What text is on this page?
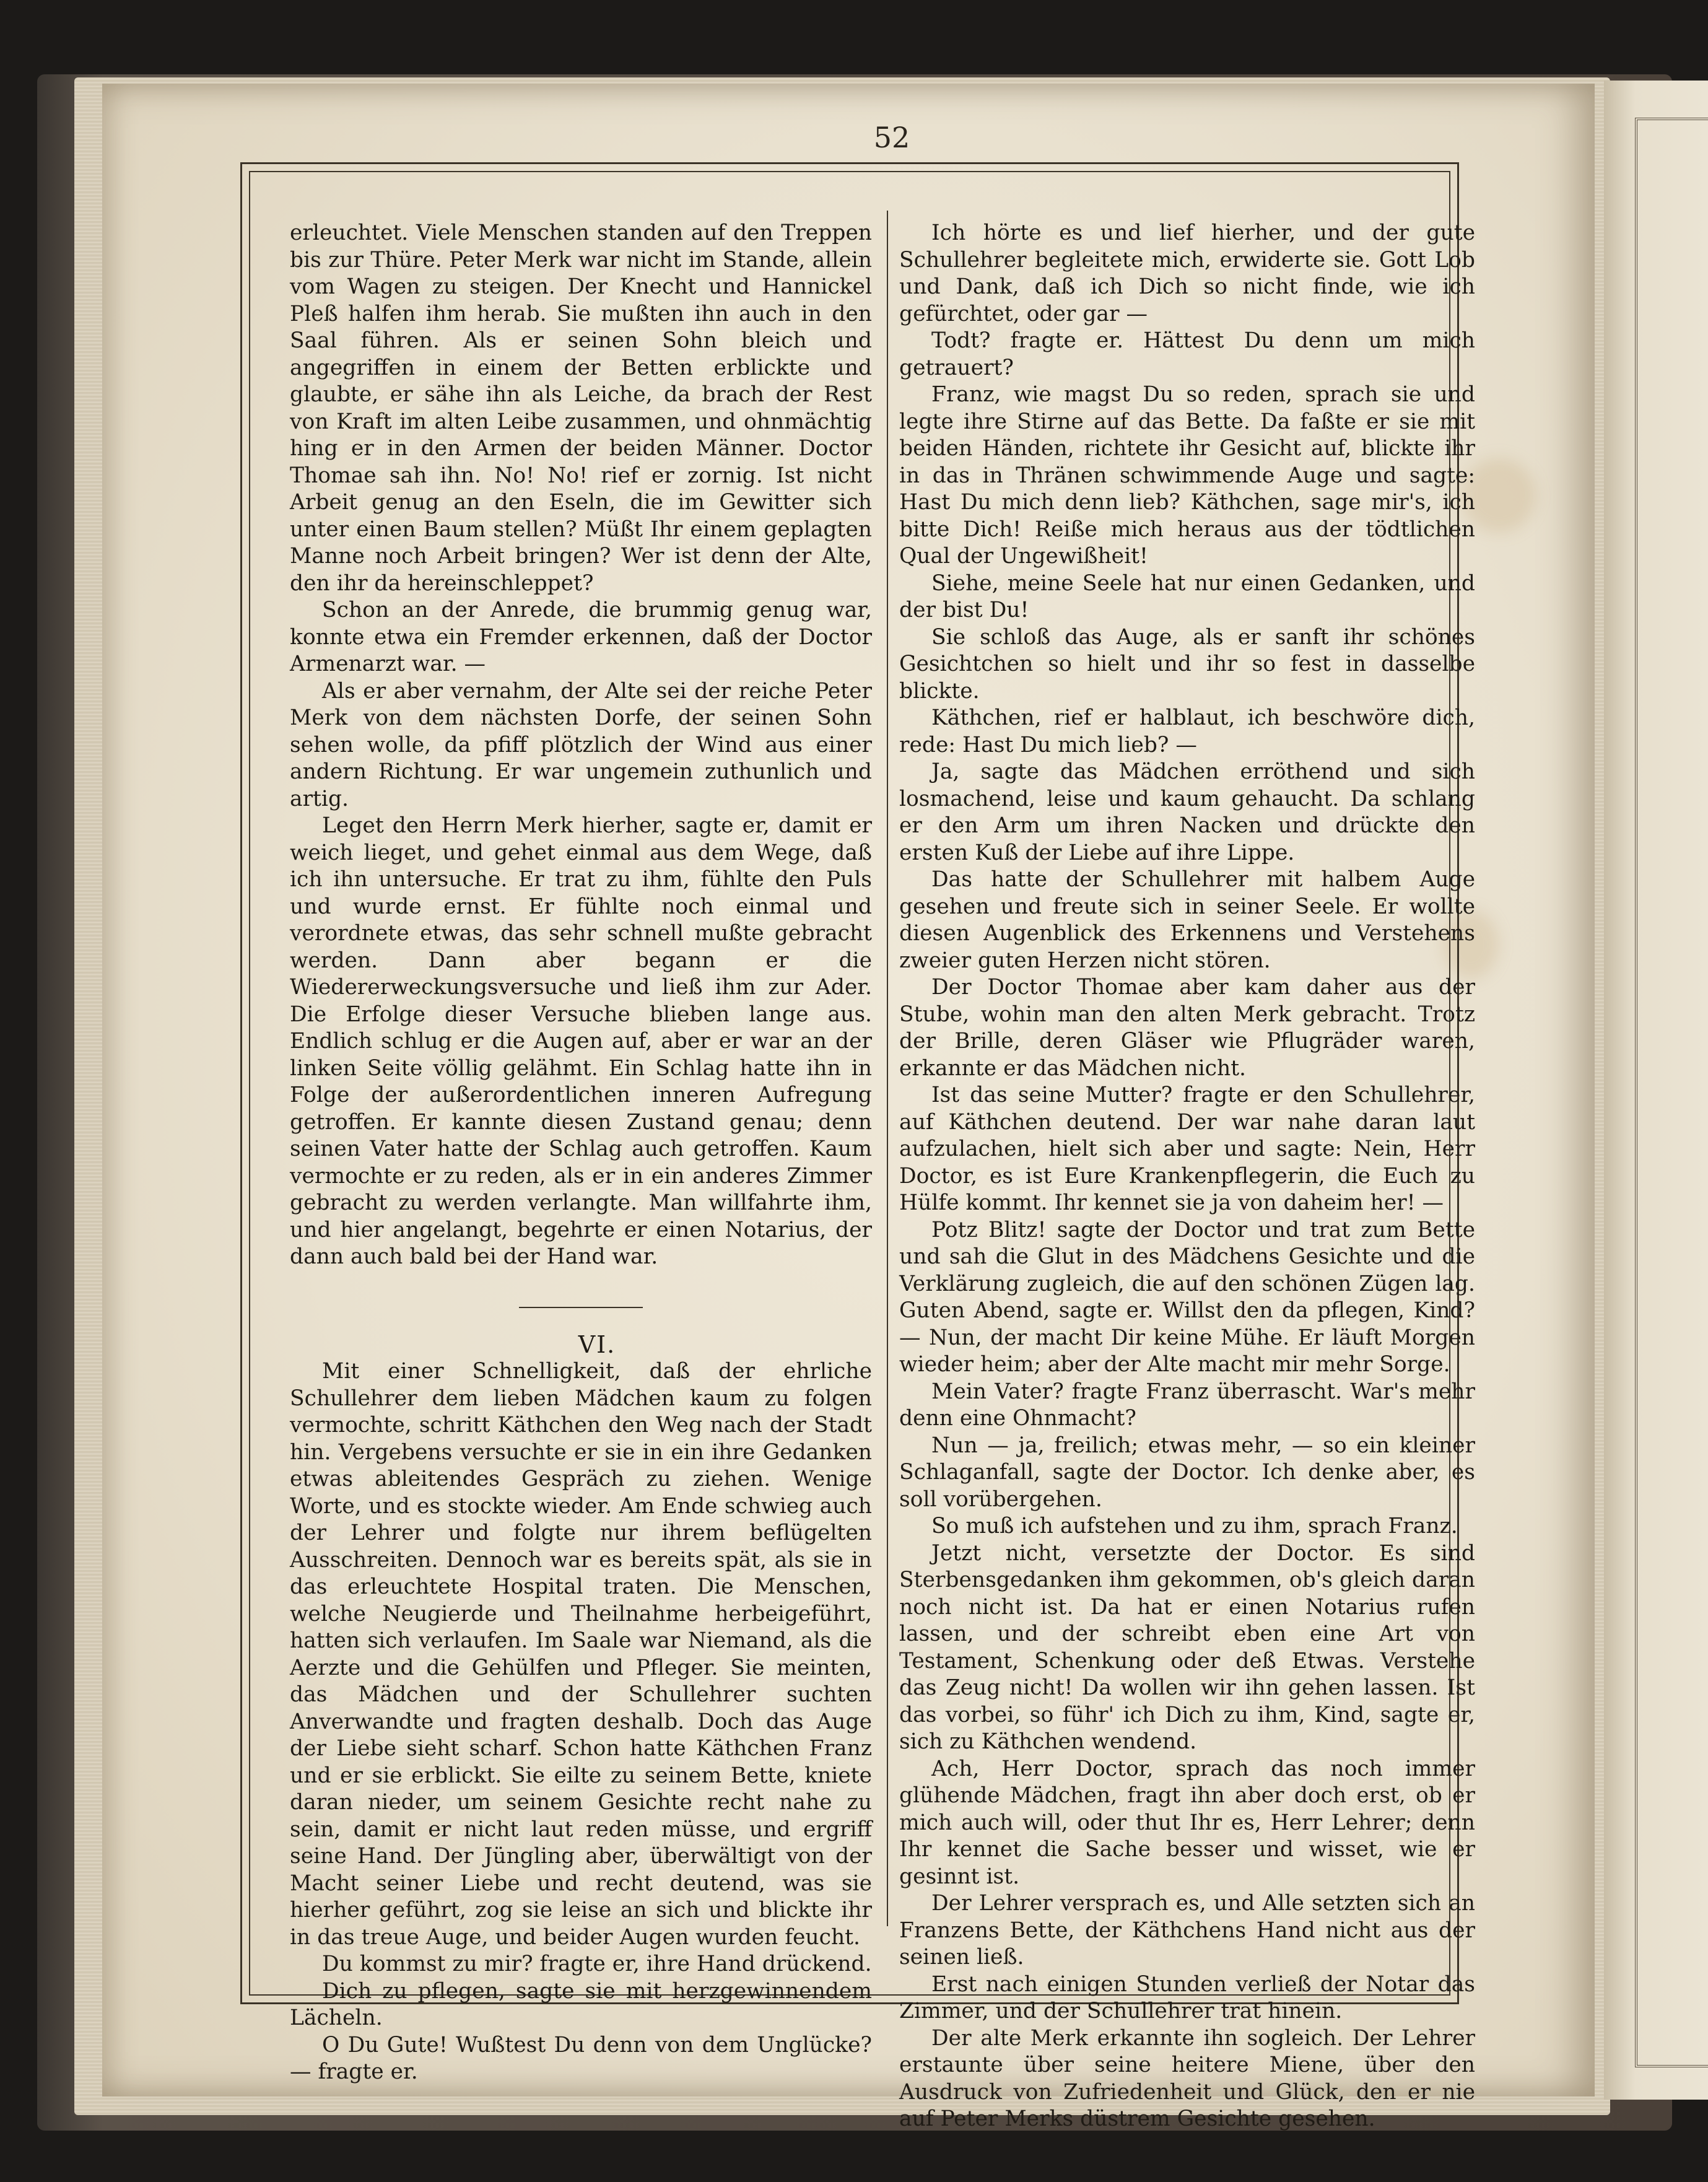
52

erleuchtet. Viele Menschen standen auf den Treppen bis zur Thüre. Peter Merk war nicht im Stande, allein vom Wagen zu steigen. Der Knecht und Hannickel Pleß halfen ihm herab. Sie mußten ihn auch in den Saal führen. Als er seinen Sohn bleich und angegriffen in einem der Betten erblickte und glaubte, er sähe ihn als Leiche, da brach der Rest von Kraft im alten Leibe zusammen, und ohnmächtig hing er in den Armen der beiden Männer. Doctor Thomae sah ihn. No! No! rief er zornig. Ist nicht Arbeit genug an den Eseln, die im Gewitter sich unter einen Baum stellen? Müßt Ihr einem geplagten Manne noch Arbeit bringen? Wer ist denn der Alte, den ihr da hereinschleppet?

Schon an der Anrede, die brummig genug war, konnte etwa ein Fremder erkennen, daß der Doctor Armenarzt war. —

Als er aber vernahm, der Alte sei der reiche Peter Merk von dem nächsten Dorfe, der seinen Sohn sehen wolle, da pfiff plötzlich der Wind aus einer andern Richtung. Er war ungemein zuthunlich und artig.

Leget den Herrn Merk hierher, sagte er, damit er weich lieget, und gehet einmal aus dem Wege, daß ich ihn untersuche. Er trat zu ihm, fühlte den Puls und wurde ernst. Er fühlte noch einmal und verordnete etwas, das sehr schnell mußte gebracht werden. Dann aber begann er die Wiedererweckungsversuche und ließ ihm zur Ader. Die Erfolge dieser Versuche blieben lange aus. Endlich schlug er die Augen auf, aber er war an der linken Seite völlig gelähmt. Ein Schlag hatte ihn in Folge der außerordentlichen inneren Aufregung getroffen. Er kannte diesen Zustand genau; denn seinen Vater hatte der Schlag auch getroffen. Kaum vermochte er zu reden, als er in ein anderes Zimmer gebracht zu werden verlangte. Man willfahrte ihm, und hier angelangt, begehrte er einen Notarius, der dann auch bald bei der Hand war.

VI.

Mit einer Schnelligkeit, daß der ehrliche Schullehrer dem lieben Mädchen kaum zu folgen vermochte, schritt Käthchen den Weg nach der Stadt hin. Vergebens versuchte er sie in ein ihre Gedanken etwas ableitendes Gespräch zu ziehen. Wenige Worte, und es stockte wieder. Am Ende schwieg auch der Lehrer und folgte nur ihrem beflügelten Ausschreiten. Dennoch war es bereits spät, als sie in das erleuchtete Hospital traten. Die Menschen, welche Neugierde und Theilnahme herbeigeführt, hatten sich verlaufen. Im Saale war Niemand, als die Aerzte und die Gehülfen und Pfleger. Sie meinten, das Mädchen und der Schullehrer suchten Anverwandte und fragten deshalb. Doch das Auge der Liebe sieht scharf. Schon hatte Käthchen Franz und er sie erblickt. Sie eilte zu seinem Bette, kniete daran nieder, um seinem Gesichte recht nahe zu sein, damit er nicht laut reden müsse, und ergriff seine Hand. Der Jüngling aber, überwältigt von der Macht seiner Liebe und recht deutend, was sie hierher geführt, zog sie leise an sich und blickte ihr in das treue Auge, und beider Augen wurden feucht.

Du kommst zu mir? fragte er, ihre Hand drückend.

Dich zu pflegen, sagte sie mit herzgewinnendem Lächeln.

O Du Gute! Wußtest Du denn von dem Unglücke? — fragte er.

Ich hörte es und lief hierher, und der gute Schullehrer begleitete mich, erwiderte sie. Gott Lob und Dank, daß ich Dich so nicht finde, wie ich gefürchtet, oder gar —

Todt? fragte er. Hättest Du denn um mich getrauert?

Franz, wie magst Du so reden, sprach sie und legte ihre Stirne auf das Bette. Da faßte er sie mit beiden Händen, richtete ihr Gesicht auf, blickte ihr in das in Thränen schwimmende Auge und sagte: Hast Du mich denn lieb? Käthchen, sage mir's, ich bitte Dich! Reiße mich heraus aus der tödtlichen Qual der Ungewißheit!

Siehe, meine Seele hat nur einen Gedanken, und der bist Du!

Sie schloß das Auge, als er sanft ihr schönes Gesichtchen so hielt und ihr so fest in dasselbe blickte.

Käthchen, rief er halblaut, ich beschwöre dich, rede: Hast Du mich lieb? —

Ja, sagte das Mädchen erröthend und sich losmachend, leise und kaum gehaucht. Da schlang er den Arm um ihren Nacken und drückte den ersten Kuß der Liebe auf ihre Lippe.

Das hatte der Schullehrer mit halbem Auge gesehen und freute sich in seiner Seele. Er wollte diesen Augenblick des Erkennens und Verstehens zweier guten Herzen nicht stören.

Der Doctor Thomae aber kam daher aus der Stube, wohin man den alten Merk gebracht. Trotz der Brille, deren Gläser wie Pflugräder waren, erkannte er das Mädchen nicht.

Ist das seine Mutter? fragte er den Schullehrer, auf Käthchen deutend. Der war nahe daran laut aufzulachen, hielt sich aber und sagte: Nein, Herr Doctor, es ist Eure Krankenpflegerin, die Euch zu Hülfe kommt. Ihr kennet sie ja von daheim her! —

Potz Blitz! sagte der Doctor und trat zum Bette und sah die Glut in des Mädchens Gesichte und die Verklärung zugleich, die auf den schönen Zügen lag. Guten Abend, sagte er. Willst den da pflegen, Kind? — Nun, der macht Dir keine Mühe. Er läuft Morgen wieder heim; aber der Alte macht mir mehr Sorge.

Mein Vater? fragte Franz überrascht. War's mehr denn eine Ohnmacht?

Nun — ja, freilich; etwas mehr, — so ein kleiner Schlaganfall, sagte der Doctor. Ich denke aber, es soll vorübergehen.

So muß ich aufstehen und zu ihm, sprach Franz.

Jetzt nicht, versetzte der Doctor. Es sind Sterbensgedanken ihm gekommen, ob's gleich daran noch nicht ist. Da hat er einen Notarius rufen lassen, und der schreibt eben eine Art von Testament, Schenkung oder deß Etwas. Verstehe das Zeug nicht! Da wollen wir ihn gehen lassen. Ist das vorbei, so führ' ich Dich zu ihm, Kind, sagte er, sich zu Käthchen wendend.

Ach, Herr Doctor, sprach das noch immer glühende Mädchen, fragt ihn aber doch erst, ob er mich auch will, oder thut Ihr es, Herr Lehrer; denn Ihr kennet die Sache besser und wisset, wie er gesinnt ist.

Der Lehrer versprach es, und Alle setzten sich an Franzens Bette, der Käthchens Hand nicht aus der seinen ließ.

Erst nach einigen Stunden verließ der Notar das Zimmer, und der Schullehrer trat hinein.

Der alte Merk erkannte ihn sogleich. Der Lehrer erstaunte über seine heitere Miene, über den Ausdruck von Zufriedenheit und Glück, den er nie auf Peter Merks düstrem Gesichte gesehen.
